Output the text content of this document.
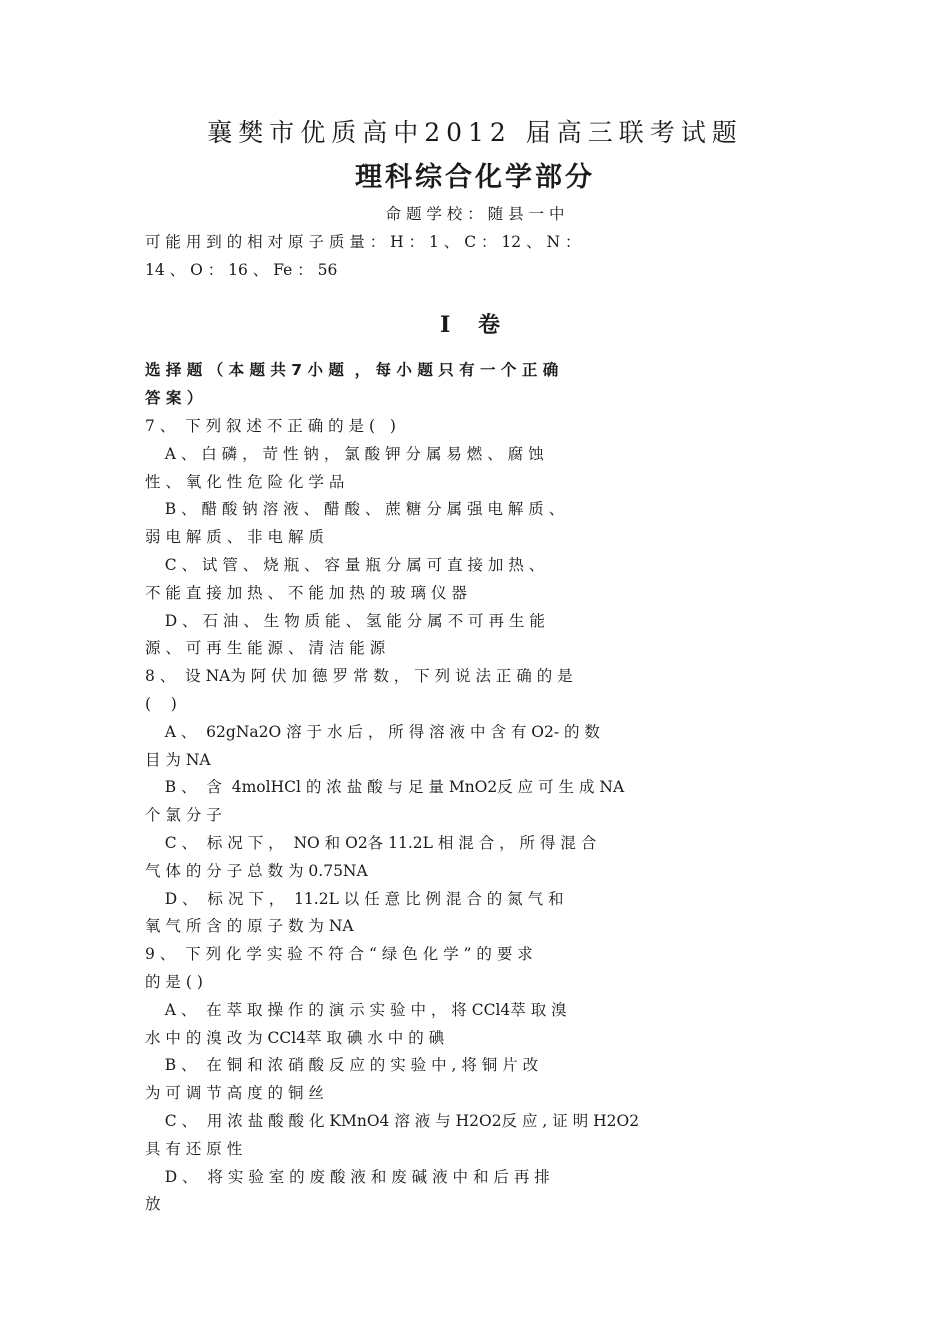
襄樊市优质高中2012 届高三联考试题
理科综合化学部分
命 题 学 校 ： 随 县 一 中
可 能 用 到 的 相 对 原 子 质 量 ： H ： 1 、 C ： 12 、 N ：
14 、 O ： 16 、 Fe ： 56
I 卷
选 择 题 （ 本 题 共 7 小 题  ， 每 小 题 只 有 一 个 正 确
答 案 ）
7 、  下 列 叙 述 不 正 确 的 是 (   )
A 、 白 磷 ， 苛 性 钠 ， 氯 酸 钾 分 属 易 燃 、 腐 蚀
性 、 氧 化 性 危 险 化 学 品
B 、 醋 酸 钠 溶 液 、 醋 酸 、 蔗 糖 分 属 强 电 解 质 、
弱 电 解 质 、 非 电 解 质
C 、 试 管 、 烧 瓶 、 容 量 瓶 分 属 可 直 接 加 热 、
不 能 直 接 加 热 、 不 能 加 热 的 玻 璃 仪 器
D 、 石 油 、 生 物 质 能 、 氢 能 分 属 不 可 再 生 能
源 、 可 再 生 能 源 、 清 洁 能 源
8 、  设 NA为 阿 伏 加 德 罗 常 数 ， 下 列 说 法 正 确 的 是
(    )
A 、  62gNa2O 溶 于 水 后 ， 所 得 溶 液 中 含 有 O2- 的 数
目 为 NA
B 、  含  4molHCl 的 浓 盐 酸 与 足 量 MnO2反 应 可 生 成 NA
个 氯 分 子
C 、  标 况 下 ，  NO 和 O2各 11.2L 相 混 合 ， 所 得 混 合
气 体 的 分 子 总 数 为 0.75NA
D 、  标 况 下 ，  11.2L 以 任 意 比 例 混 合 的 氮 气 和
氧 气 所 含 的 原 子 数 为 NA
9 、  下 列 化 学 实 验 不 符 合 “ 绿 色 化 学 ” 的 要 求
的 是 ( )
A 、  在 萃 取 操 作 的 演 示 实 验 中 ， 将 CCl4萃 取 溴
水 中 的 溴 改 为 CCl4萃 取 碘 水 中 的 碘
B 、  在 铜 和 浓 硝 酸 反 应 的 实 验 中 , 将 铜 片 改
为 可 调 节 高 度 的 铜 丝
C 、  用 浓 盐 酸 酸 化 KMnO4 溶 液 与 H2O2反 应 , 证 明 H2O2
具 有 还 原 性
D 、  将 实 验 室 的 废 酸 液 和 废 碱 液 中 和 后 再 排
放
